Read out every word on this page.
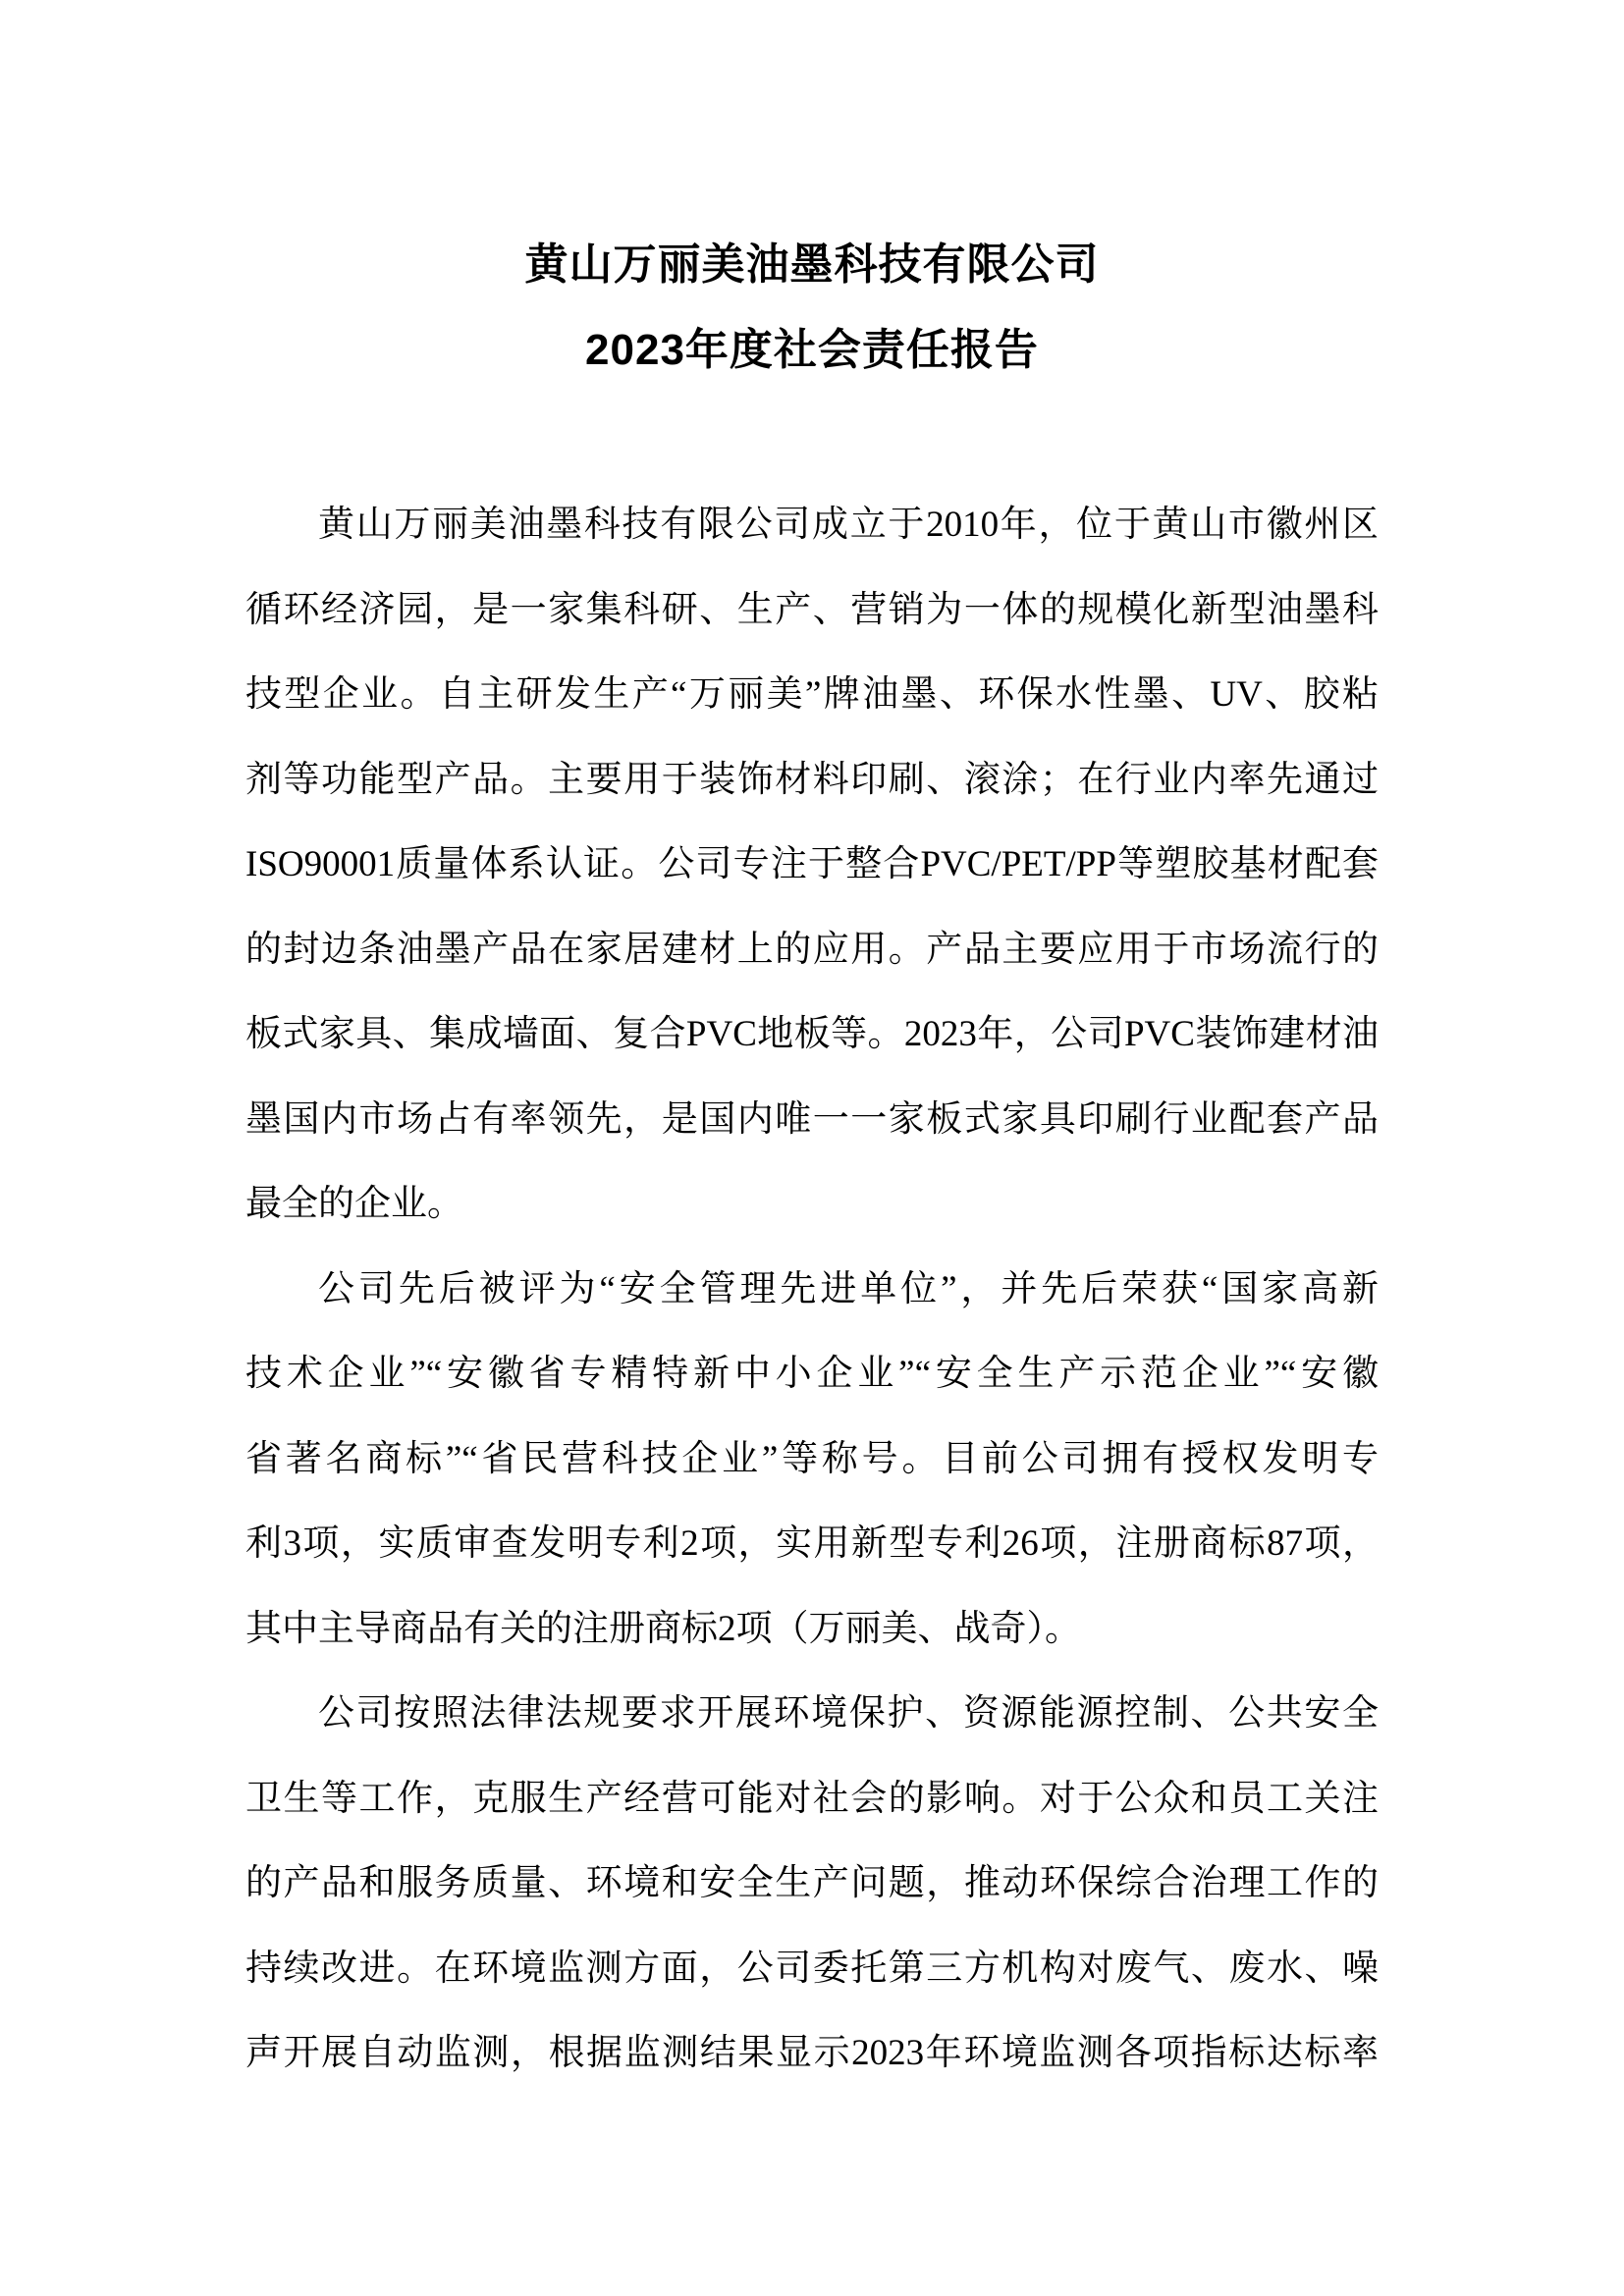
黄山万丽美油墨科技有限公司
2023年度社会责任报告
黄山万丽美油墨科技有限公司成立于2010年，位于黄山市徽州区
循环经济园，是一家集科研、生产、营销为一体的规模化新型油墨科
技型企业。自主研发生产“万丽美”牌油墨、环保水性墨、UV、胶粘
剂等功能型产品。主要用于装饰材料印刷、滚涂；在行业内率先通过
ISO90001质量体系认证。公司专注于整合PVC/PET/PP等塑胶基材配套
的封边条油墨产品在家居建材上的应用。产品主要应用于市场流行的
板式家具、集成墙面、复合PVC地板等。2023年，公司PVC装饰建材油
墨国内市场占有率领先，是国内唯一一家板式家具印刷行业配套产品
最全的企业。
公司先后被评为“安全管理先进单位”，并先后荣获“国家高新
技术企业”“安徽省专精特新中小企业”“安全生产示范企业”“安徽
省著名商标”“省民营科技企业”等称号。目前公司拥有授权发明专
利3项，实质审查发明专利2项，实用新型专利26项，注册商标87项，
其中主导商品有关的注册商标2项（万丽美、战奇）。
公司按照法律法规要求开展环境保护、资源能源控制、公共安全
卫生等工作，克服生产经营可能对社会的影响。对于公众和员工关注
的产品和服务质量、环境和安全生产问题，推动环保综合治理工作的
持续改进。在环境监测方面，公司委托第三方机构对废气、废水、噪
声开展自动监测，根据监测结果显示2023年环境监测各项指标达标率
